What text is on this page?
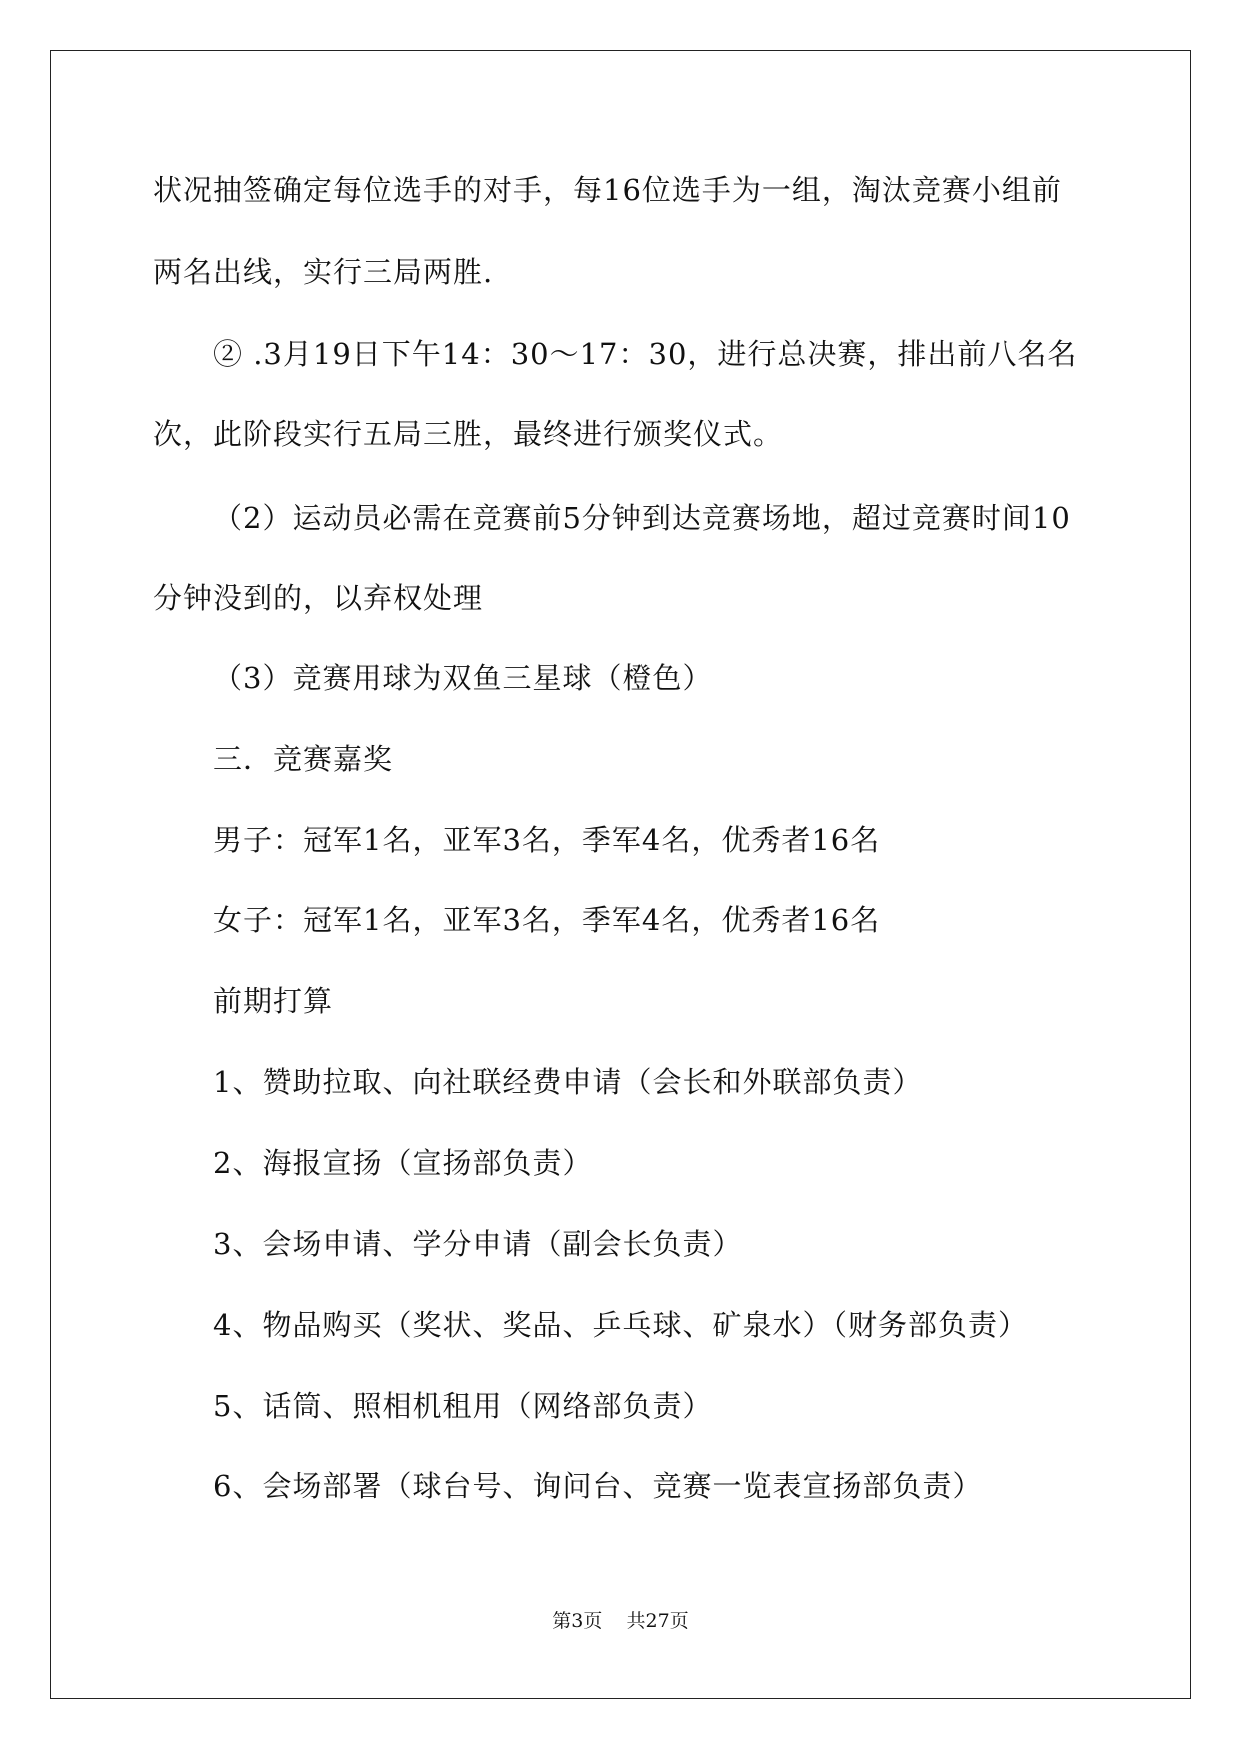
状况抽签确定每位选手的对手，每16位选手为一组，淘汰竞赛小组前
两名出线，实行三局两胜.
② .3月19日下午14：30～17：30，进行总决赛，排出前八名名
次，此阶段实行五局三胜，最终进行颁奖仪式。
（2）运动员必需在竞赛前5分钟到达竞赛场地，超过竞赛时间10
分钟没到的，以弃权处理
（3）竞赛用球为双鱼三星球（橙色）
三．竞赛嘉奖
男子：冠军1名，亚军3名，季军4名，优秀者16名
女子：冠军1名，亚军3名，季军4名，优秀者16名
前期打算
1、赞助拉取、向社联经费申请（会长和外联部负责）
2、海报宣扬（宣扬部负责）
3、会场申请、学分申请（副会长负责）
4、物品购买（奖状、奖品、乒乓球、矿泉水）（财务部负责）
5、话筒、照相机租用（网络部负责）
6、会场部署（球台号、询问台、竞赛一览表宣扬部负责）
第3页    共27页
